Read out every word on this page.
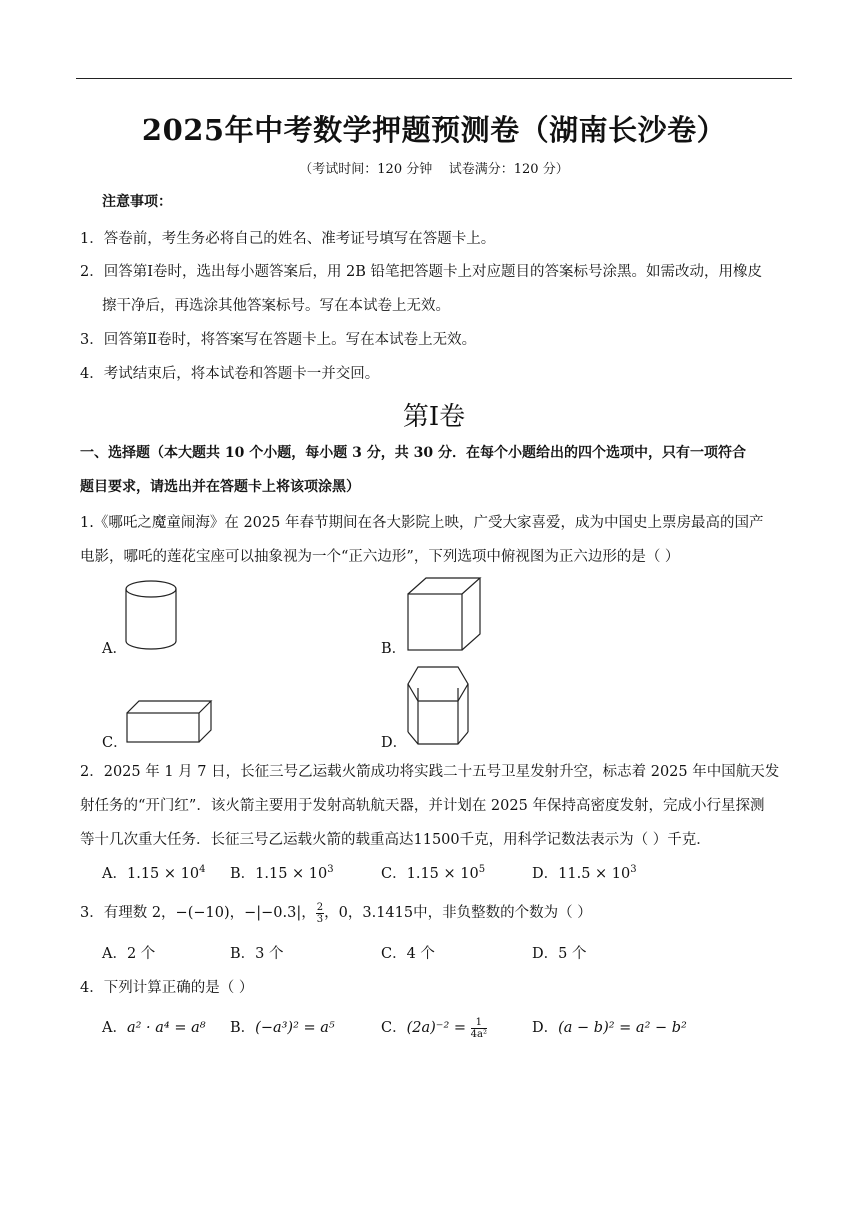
2025年中考数学押题预测卷（湖南长沙卷）
（考试时间：120 分钟    试卷满分：120 分）
注意事项：
1．答卷前，考生务必将自己的姓名、准考证号填写在答题卡上。
2．回答第Ⅰ卷时，选出每小题答案后，用 2B 铅笔把答题卡上对应题目的答案标号涂黑。如需改动，用橡皮
擦干净后，再选涂其他答案标号。写在本试卷上无效。
3．回答第Ⅱ卷时，将答案写在答题卡上。写在本试卷上无效。
4．考试结束后，将本试卷和答题卡一并交回。
第Ⅰ卷
一、选择题（本大题共 10 个小题，每小题 3 分，共 30 分．在每个小题给出的四个选项中，只有一项符合
题目要求，请选出并在答题卡上将该项涂黑）
1.《哪吒之魔童闹海》在 2025 年春节期间在各大影院上映，广受大家喜爱，成为中国史上票房最高的国产
电影，哪吒的莲花宝座可以抽象视为一个“正六边形”，下列选项中俯视图为正六边形的是（ ）
A．	B．
C．	D．
2．2025 年 1 月 7 日，长征三号乙运载火箭成功将实践二十五号卫星发射升空，标志着 2025 年中国航天发
射任务的“开门红”．该火箭主要用于发射高轨航天器，并计划在 2025 年保持高密度发射，完成小行星探测
等十几次重大任务．长征三号乙运载火箭的载重高达11500千克，用科学记数法表示为（ ）千克．
A．$1.15 \times 10^4$ B．$1.15 \times 10^3$	C．$1.15 \times 10^5$	D．$11.5 \times 10^3$
3．有理数 2，−(−10)，−|−0.3|， $\frac{2}{3}$ ，0，3.1415中，非负整数的个数为（ ）
A．2 个	B．3 个	C．4 个	D．5 个
4．下列计算正确的是（ ）
A．a² · a⁴ = a⁸ B．(−a³)² = a⁵	C．$(2a)^{-2} = \frac{1}{\text{4a²}}$	D．(a − b)² = a² − b²
